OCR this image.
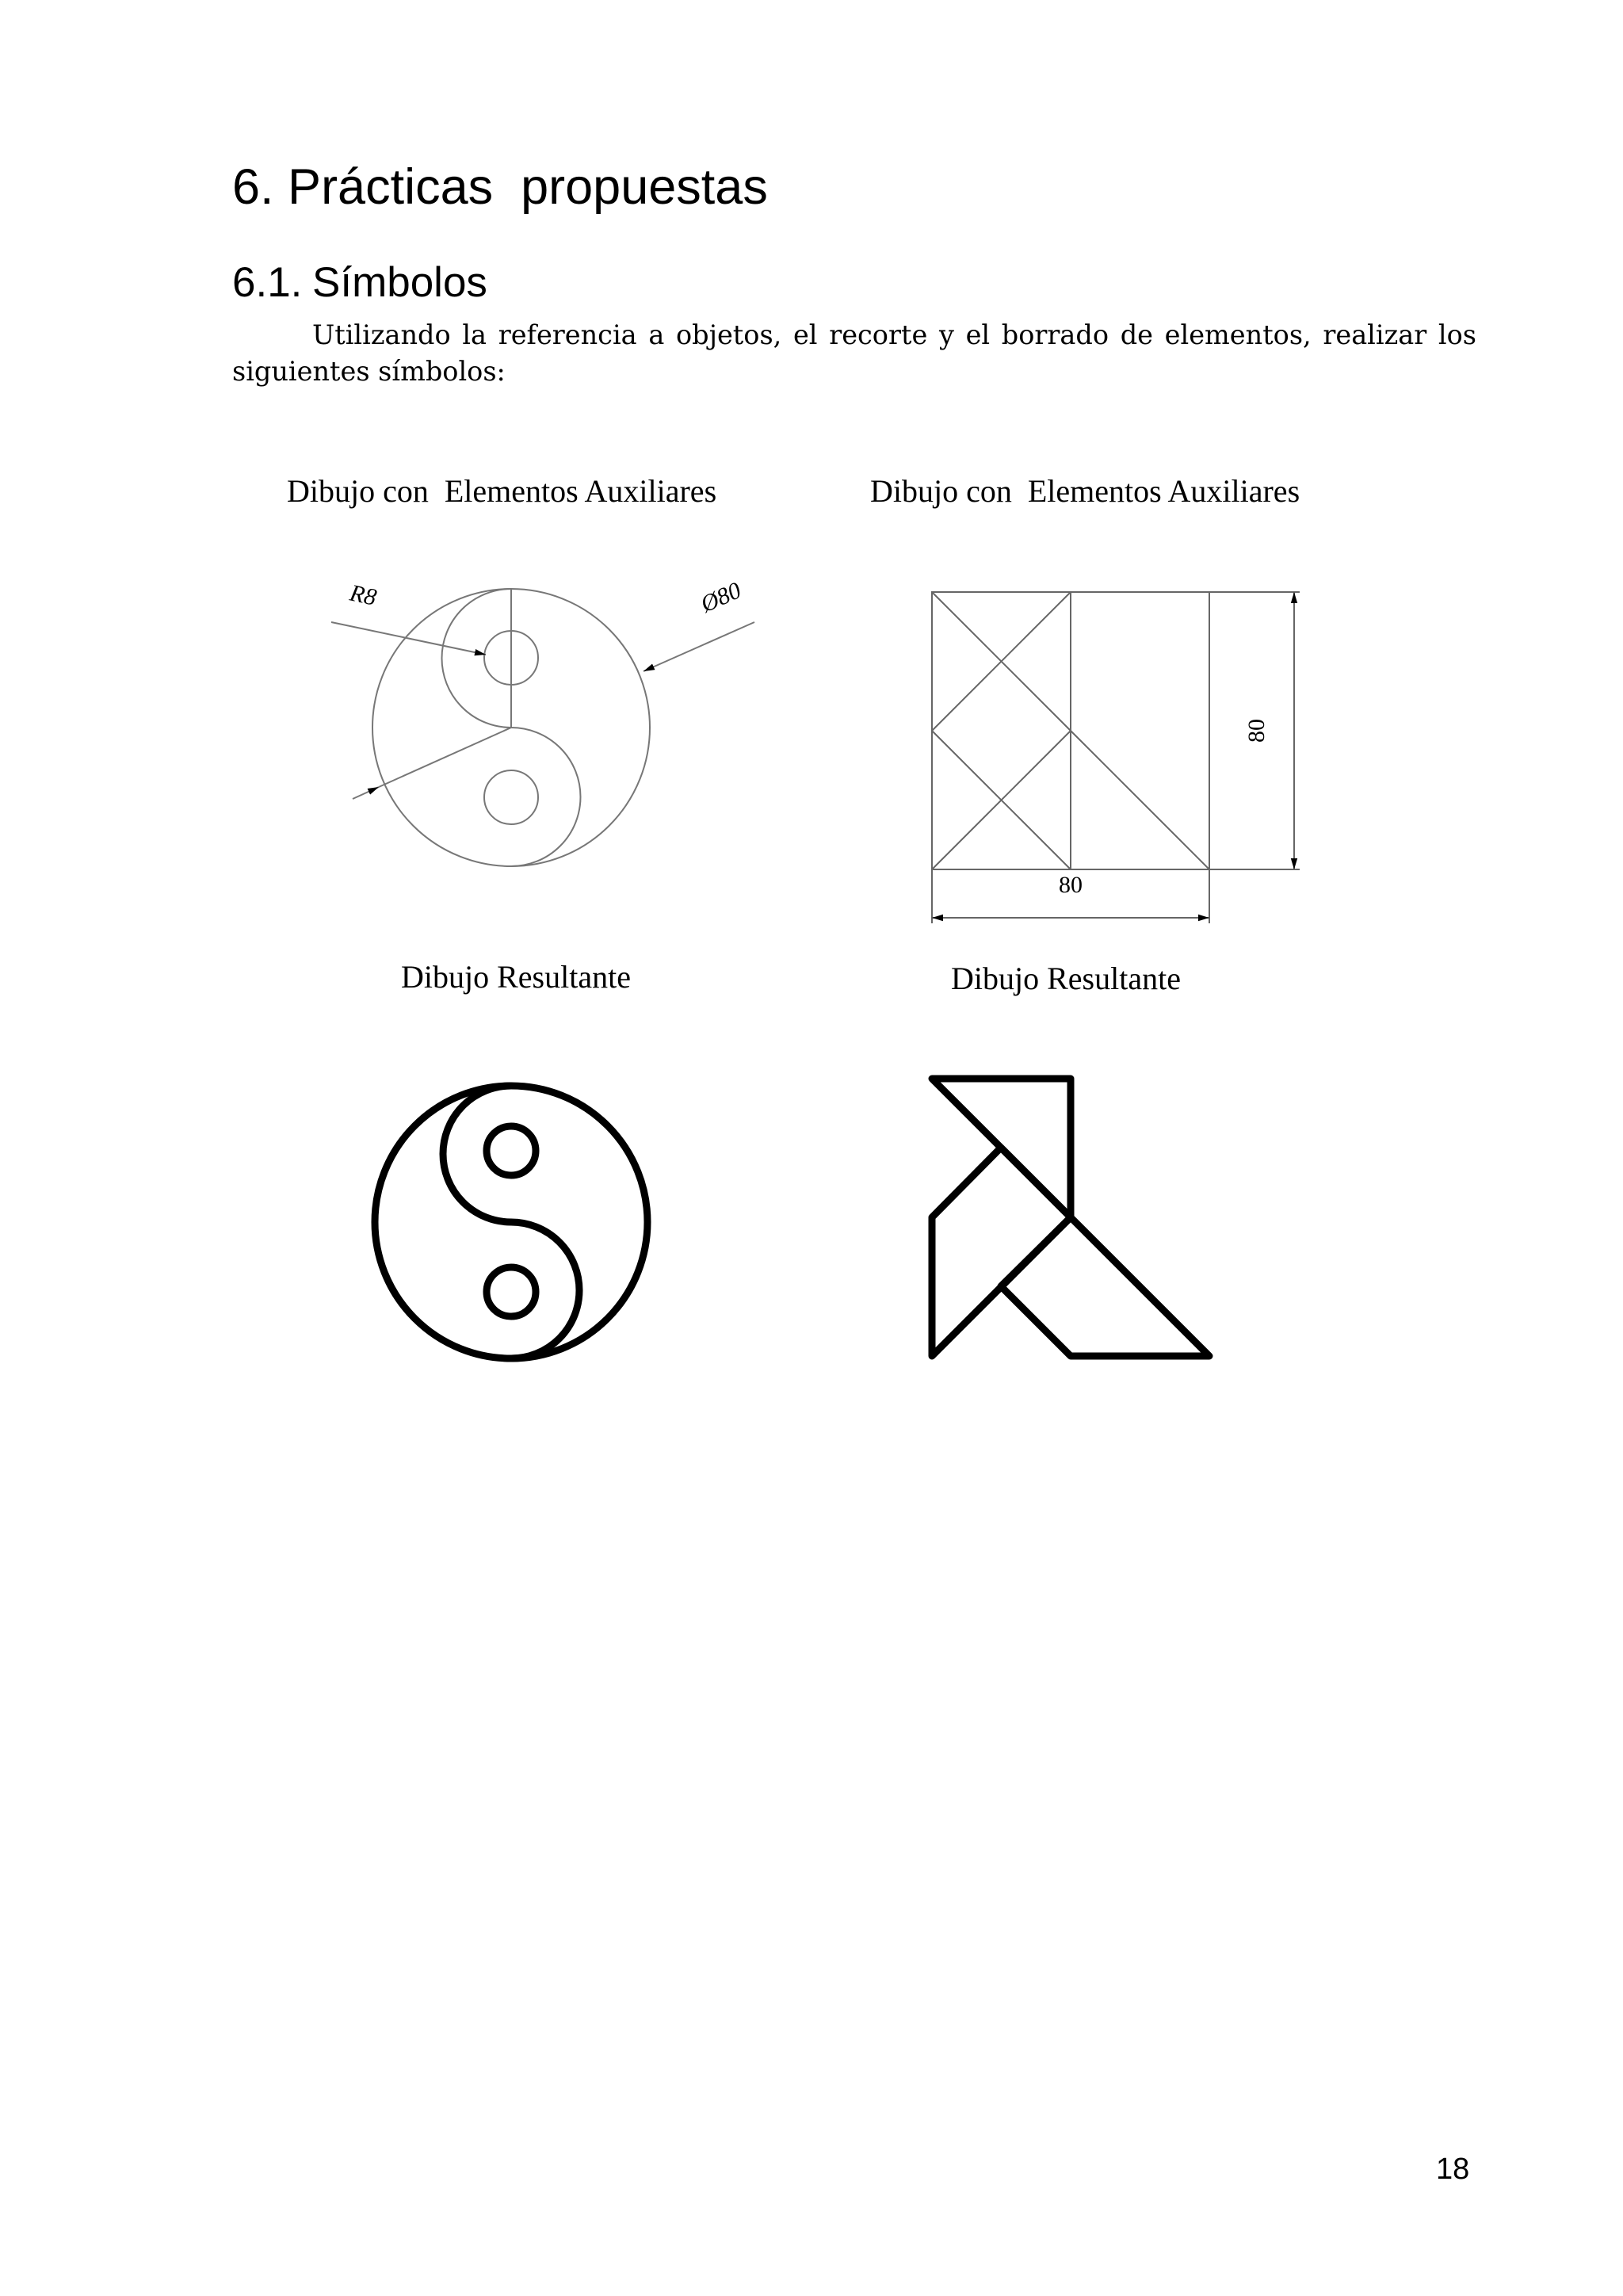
6. Prácticas  propuestas
6.1. Símbolos
Utilizando la referencia a objetos, el recorte y el borrado de elementos, realizar los siguientes símbolos:
Dibujo con  Elementos Auxiliares	Dibujo con  Elementos Auxiliares
Dibujo Resultante	Dibujo Resultante
R8	Ø80
80
80
18
